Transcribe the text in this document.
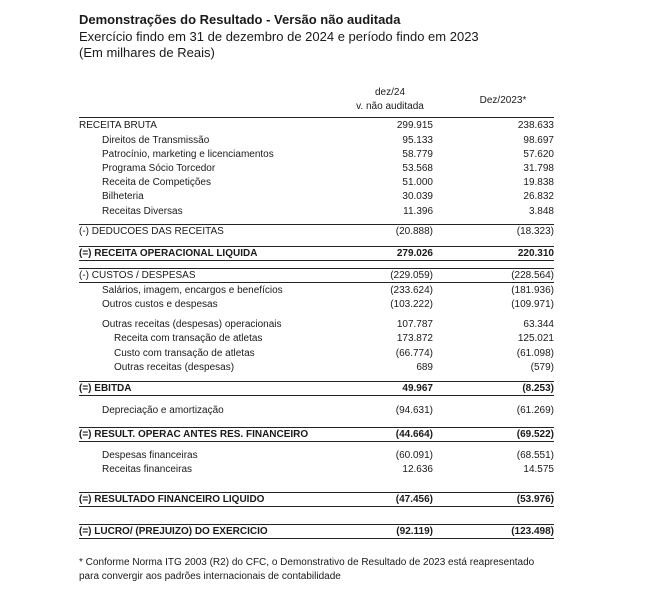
Demonstrações do Resultado - Versão não auditada
Exercício findo em 31 de dezembro de 2024 e período findo em 2023
(Em milhares de Reais)
dez/24
v. não auditada
Dez/2023*
RECEITA BRUTA	299.915	238.633
Direitos de Transmissão	95.133	98.697
Patrocínio, marketing e licenciamentos	58.779	57.620
Programa Sócio Torcedor	53.568	31.798
Receita de Competições	51.000	19.838
Bilheteria	30.039	26.832
Receitas Diversas	11.396	3.848
(-) DEDUCOES DAS RECEITAS	(20.888)	(18.323)
(=) RECEITA OPERACIONAL LIQUIDA	279.026	220.310
(-) CUSTOS / DESPESAS	(229.059)	(228.564)
Salários, imagem, encargos e benefícios	(233.624)	(181.936)
Outros custos e despesas	(103.222)	(109.971)
Outras receitas (despesas) operacionais	107.787	63.344
Receita com transação de atletas	173.872	125.021
Custo com transação de atletas	(66.774)	(61.098)
Outras receitas (despesas)	689	(579)
(=) EBITDA	49.967	(8.253)
Depreciação e amortização	(94.631)	(61.269)
(=) RESULT. OPERAC ANTES RES. FINANCEIRO	(44.664)	(69.522)
Despesas financeiras	(60.091)	(68.551)
Receitas financeiras	12.636	14.575
(=) RESULTADO FINANCEIRO LIQUIDO	(47.456)	(53.976)
(=) LUCRO/ (PREJUIZO) DO EXERCICIO	(92.119)	(123.498)
* Conforme Norma ITG 2003 (R2) do CFC, o Demonstrativo de Resultado de 2023 está reapresentado
para convergir aos padrões internacionais de contabilidade
